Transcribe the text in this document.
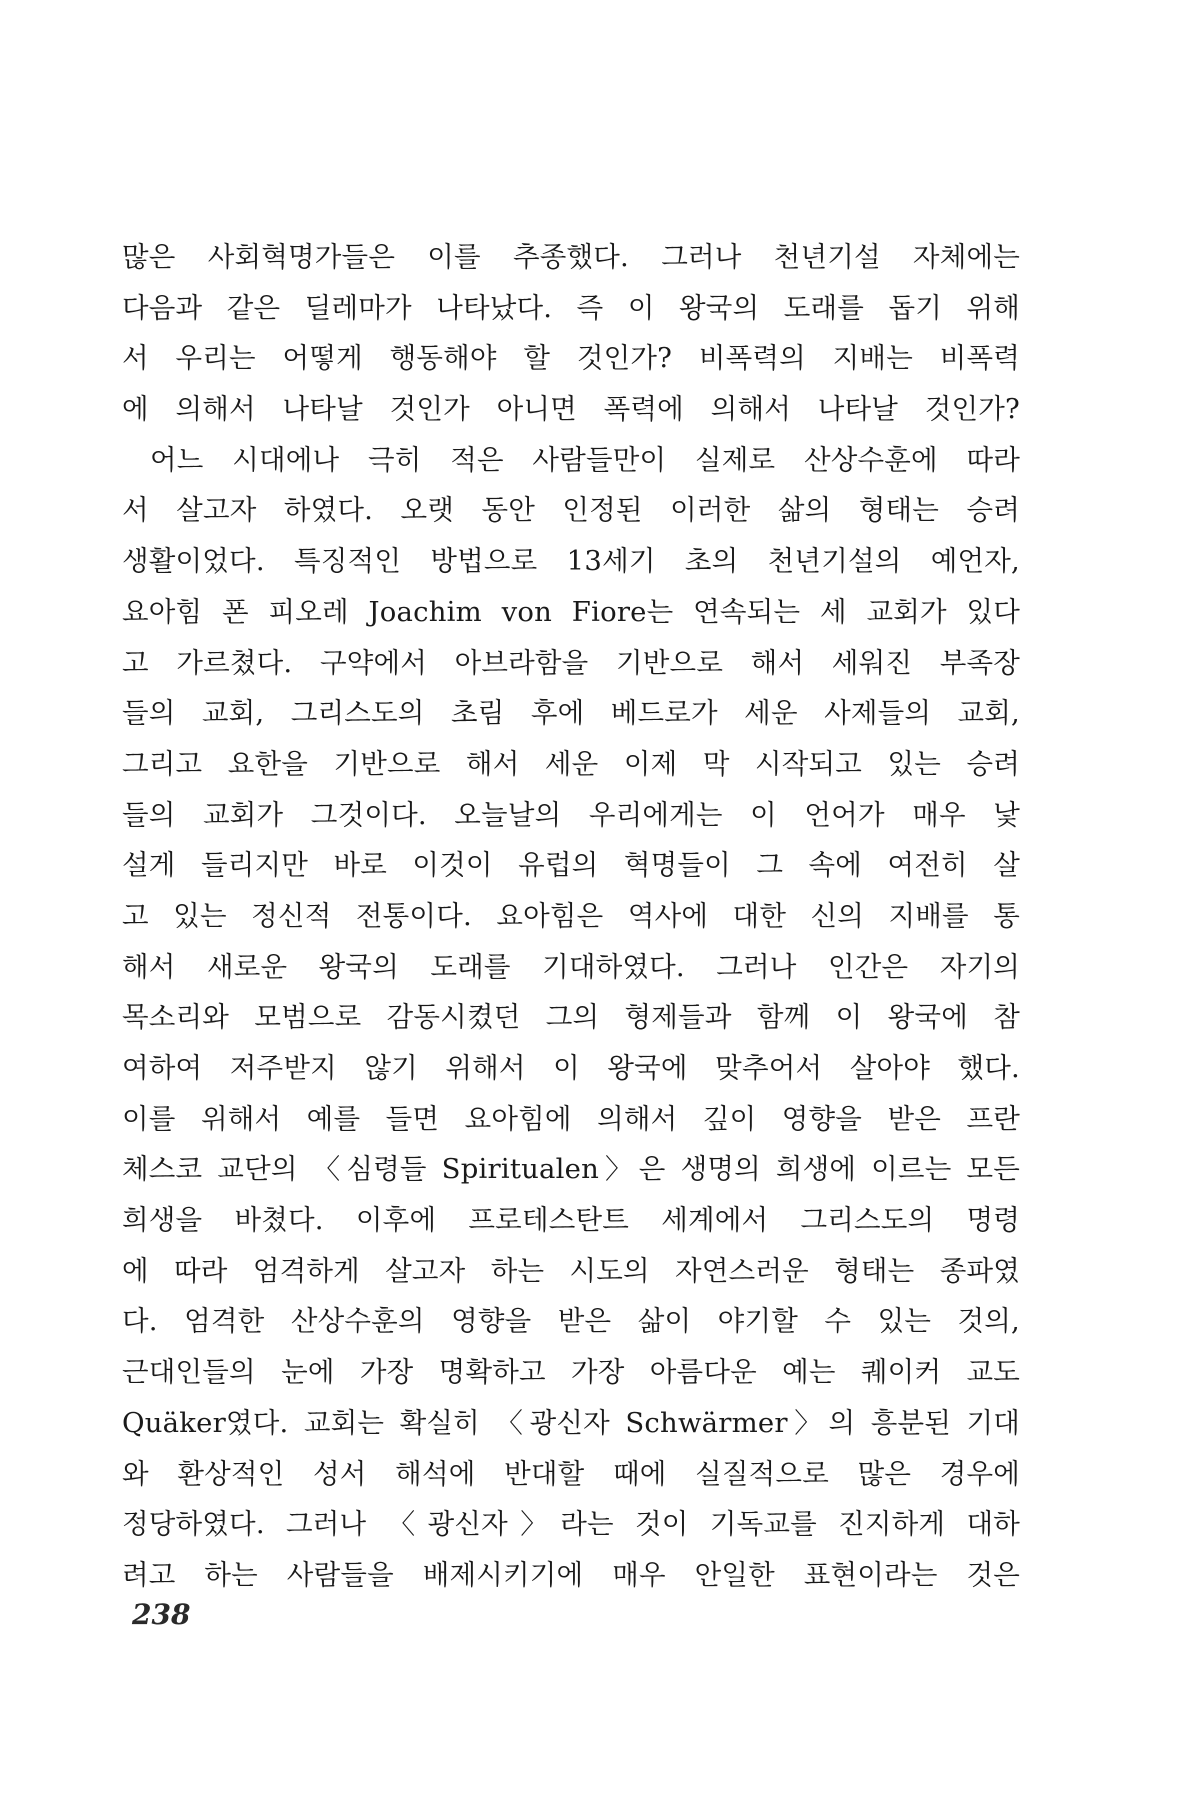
많은 사회혁명가들은 이를 추종했다. 그러나 천년기설 자체에는
다음과 같은 딜레마가 나타났다. 즉 이 왕국의 도래를 돕기 위해
서 우리는 어떻게 행동해야 할 것인가? 비폭력의 지배는 비폭력
에 의해서 나타날 것인가 아니면 폭력에 의해서 나타날 것인가?
어느 시대에나 극히 적은 사람들만이 실제로 산상수훈에 따라
서 살고자 하였다. 오랫 동안 인정된 이러한 삶의 형태는 승려
생활이었다. 특징적인 방법으로 13세기 초의 천년기설의 예언자,
요아힘 폰 피오레 Joachim von Fiore는 연속되는 세 교회가 있다
고 가르쳤다. 구약에서 아브라함을 기반으로 해서 세워진 부족장
들의 교회, 그리스도의 초림 후에 베드로가 세운 사제들의 교회,
그리고 요한을 기반으로 해서 세운 이제 막 시작되고 있는 승려
들의 교회가 그것이다. 오늘날의 우리에게는 이 언어가 매우 낯
설게 들리지만 바로 이것이 유럽의 혁명들이 그 속에 여전히 살
고 있는 정신적 전통이다. 요아힘은 역사에 대한 신의 지배를 통
해서 새로운 왕국의 도래를 기대하였다. 그러나 인간은 자기의
목소리와 모범으로 감동시켰던 그의 형제들과 함께 이 왕국에 참
여하여 저주받지 않기 위해서 이 왕국에 맞추어서 살아야 했다.
이를 위해서 예를 들면 요아힘에 의해서 깊이 영향을 받은 프란
체스코 교단의 〈심령들 Spiritualen〉은 생명의 희생에 이르는 모든
희생을 바쳤다. 이후에 프로테스탄트 세계에서 그리스도의 명령
에 따라 엄격하게 살고자 하는 시도의 자연스러운 형태는 종파였
다. 엄격한 산상수훈의 영향을 받은 삶이 야기할 수 있는 것의,
근대인들의 눈에 가장 명확하고 가장 아름다운 예는 퀘이커 교도
Quäker였다. 교회는 확실히 〈광신자 Schwärmer〉의 흥분된 기대
와 환상적인 성서 해석에 반대할 때에 실질적으로 많은 경우에
정당하였다. 그러나 〈광신자〉라는 것이 기독교를 진지하게 대하
려고 하는 사람들을 배제시키기에 매우 안일한 표현이라는 것은
238
